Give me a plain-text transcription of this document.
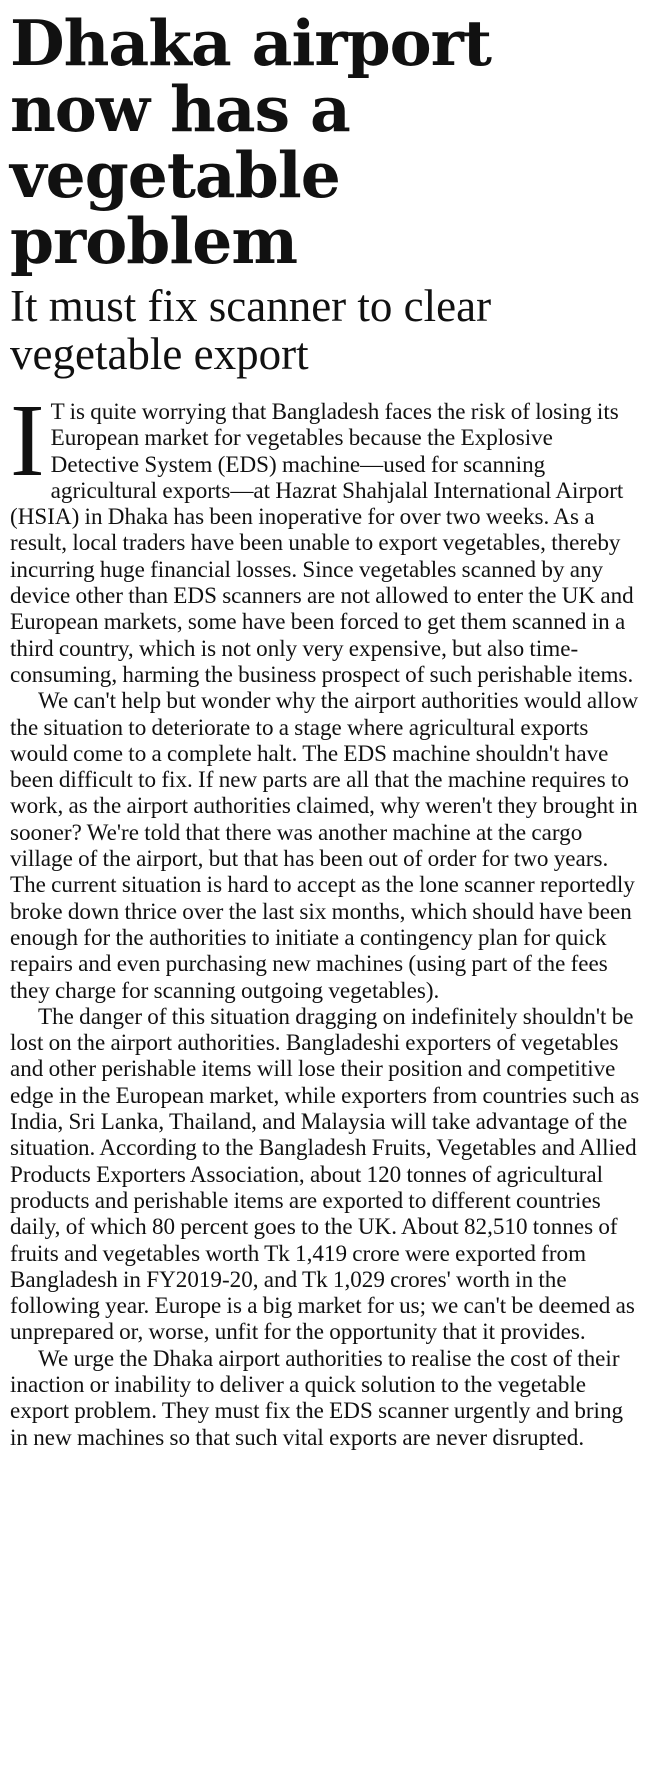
Dhaka airport now has a vegetable problem
It must fix scanner to clear vegetable export

I T is quite worrying that Bangladesh faces the risk of losing its European market for vegetables because the Explosive Detective System (EDS) machine—used for scanning agricultural exports—at Hazrat Shahjalal International Airport (HSIA) in Dhaka has been inoperative for over two weeks. As a result, local traders have been unable to export vegetables, thereby incurring huge financial losses. Since vegetables scanned by any device other than EDS scanners are not allowed to enter the UK and European markets, some have been forced to get them scanned in a third country, which is not only very expensive, but also time-consuming, harming the business prospect of such perishable items.

We can't help but wonder why the airport authorities would allow the situation to deteriorate to a stage where agricultural exports would come to a complete halt. The EDS machine shouldn't have been difficult to fix. If new parts are all that the machine requires to work, as the airport authorities claimed, why weren't they brought in sooner? We're told that there was another machine at the cargo village of the airport, but that has been out of order for two years. The current situation is hard to accept as the lone scanner reportedly broke down thrice over the last six months, which should have been enough for the authorities to initiate a contingency plan for quick repairs and even purchasing new machines (using part of the fees they charge for scanning outgoing vegetables).

The danger of this situation dragging on indefinitely shouldn't be lost on the airport authorities. Bangladeshi exporters of vegetables and other perishable items will lose their position and competitive edge in the European market, while exporters from countries such as India, Sri Lanka, Thailand, and Malaysia will take advantage of the situation. According to the Bangladesh Fruits, Vegetables and Allied Products Exporters Association, about 120 tonnes of agricultural products and perishable items are exported to different countries daily, of which 80 percent goes to the UK. About 82,510 tonnes of fruits and vegetables worth Tk 1,419 crore were exported from Bangladesh in FY2019-20, and Tk 1,029 crores' worth in the following year. Europe is a big market for us; we can't be deemed as unprepared or, worse, unfit for the opportunity that it provides.

We urge the Dhaka airport authorities to realise the cost of their inaction or inability to deliver a quick solution to the vegetable export problem. They must fix the EDS scanner urgently and bring in new machines so that such vital exports are never disrupted.
